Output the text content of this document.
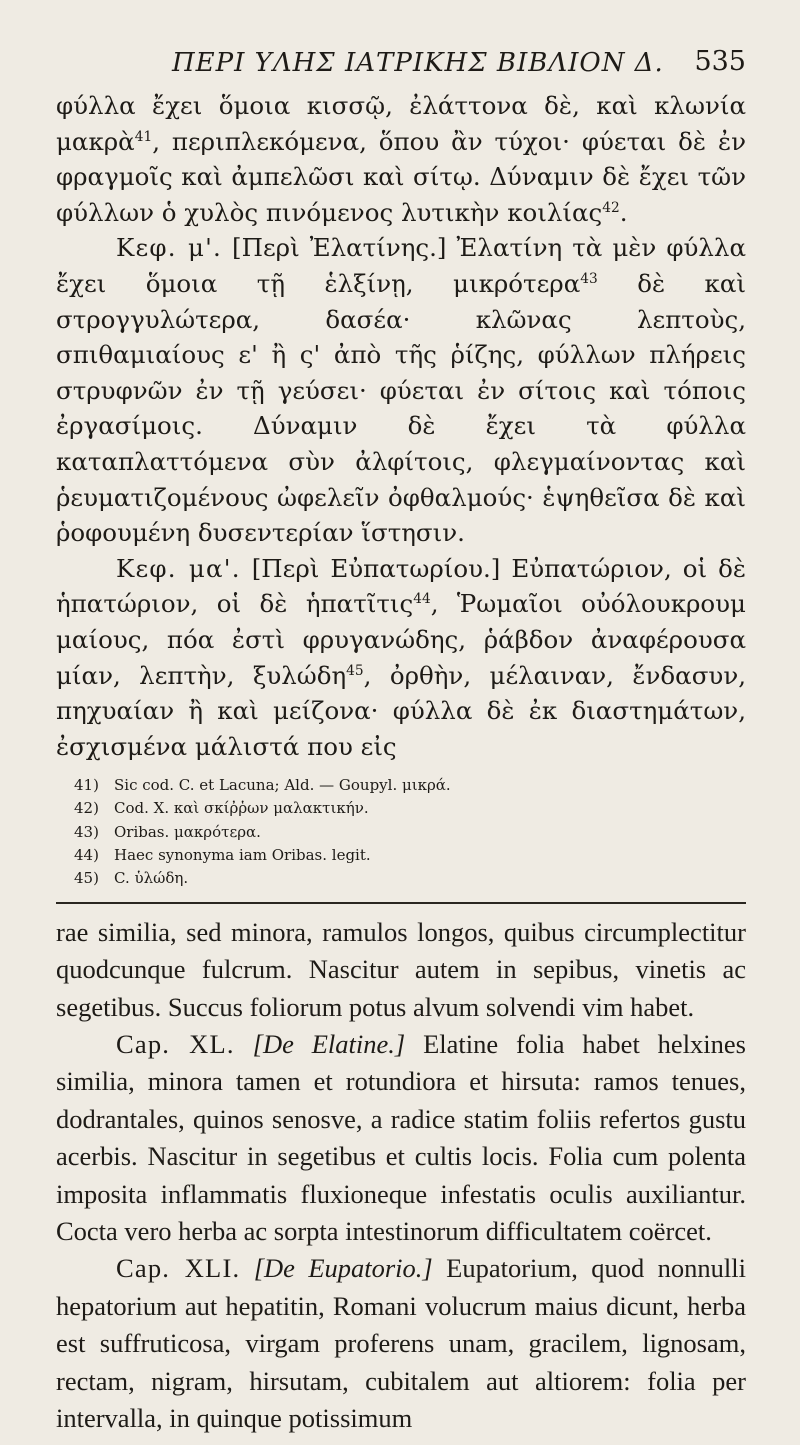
ΠΕΡΙ ΥΛΗΣ ΙΑΤΡΙΚΗΣ ΒΙΒΛΙΟΝ Δ. 535

φύλλα ἔχει ὅμοια κισσῷ, ἐλάττονα δὲ, καὶ κλωνία μακρὰ$^{41}$, περιπλεκόμενα, ὅπου ἂν τύχοι· φύεται δὲ ἐν φραγμοῖς καὶ ἀμπελῶσι καὶ σίτῳ. Δύναμιν δὲ ἔχει τῶν φύλλων ὁ χυλὸς πινόμενος λυτικὴν κοιλίας$^{42}$.

Κεφ. μ'. [Περὶ Ἐλατίνης.] Ἐλατίνη τὰ μὲν φύλλα ἔχει ὅμοια τῇ ἑλξίνῃ, μικρότερα$^{43}$ δὲ καὶ στρογγυλώτερα, δασέα· κλῶνας λεπτοὺς, σπιθαμιαίους ε' ἢ ς' ἀπὸ τῆς ῥίζης, φύλλων πλήρεις στρυφνῶν ἐν τῇ γεύσει· φύεται ἐν σίτοις καὶ τόποις ἐργασίμοις. Δύναμιν δὲ ἔχει τὰ φύλλα καταπλαττόμενα σὺν ἀλφίτοις, φλεγμαίνοντας καὶ ῥευματιζομένους ὠφελεῖν ὀφθαλμούς· ἑψηθεῖσα δὲ καὶ ῥοφουμένη δυσεντερίαν ἵστησιν.

Κεφ. μα'. [Περὶ Εὐπατωρίου.] Εὐπατώριον, οἱ δὲ ἡπατώριον, οἱ δὲ ἡπατῖτις$^{44}$, Ῥωμαῖοι οὐόλουκρουμ μαίους, πόα ἐστὶ φρυγανώδης, ῥάβδον ἀναφέρουσα μίαν, λεπτὴν, ξυλώδη$^{45}$, ὀρθὴν, μέλαιναν, ἔνδασυν, πηχυαίαν ἢ καὶ μείζονα· φύλλα δὲ ἐκ διαστημάτων, ἐσχισμένα μάλιστά που εἰς

41) Sic cod. C. et Lacuna; Ald. — Goupyl. μικρά.
42) Cod. X. καὶ σκίῤῥων μαλακτικήν.
43) Oribas. μακρότερα.
44) Haec synonyma iam Oribas. legit.
45) C. ὑλώδη.

rae similia, sed minora, ramulos longos, quibus circumplectitur quodcunque fulcrum. Nascitur autem in sepibus, vinetis ac segetibus. Succus foliorum potus alvum solvendi vim habet.

Cap. XL. [De Elatine.] Elatine folia habet helxines similia, minora tamen et rotundiora et hirsuta: ramos tenues, dodrantales, quinos senosve, a radice statim foliis refertos gustu acerbis. Nascitur in segetibus et cultis locis. Folia cum polenta imposita inflammatis fluxioneque infestatis oculis auxiliantur. Cocta vero herba ac sorpta intestinorum difficultatem coërcet.

Cap. XLI. [De Eupatorio.] Eupatorium, quod nonnulli hepatorium aut hepatitin, Romani volucrum maius dicunt, herba est suffruticosa, virgam proferens unam, gracilem, lignosam, rectam, nigram, hirsutam, cubitalem aut altiorem: folia per intervalla, in quinque potissimum
